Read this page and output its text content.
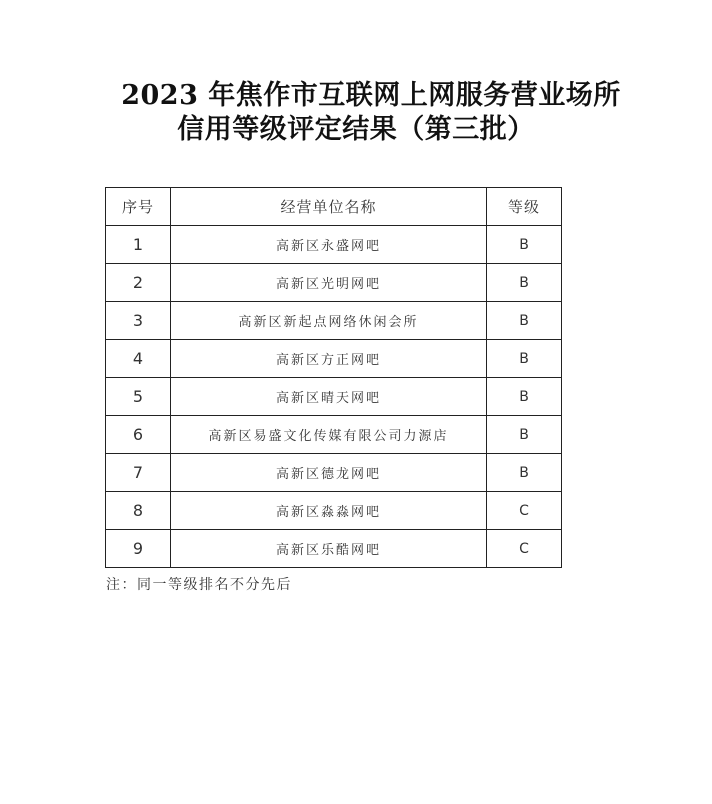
2023 年焦作市互联网上网服务营业场所
信用等级评定结果（第三批）
序号	经营单位名称	等级
1	高新区永盛网吧	B
2	高新区光明网吧	B
3	高新区新起点网络休闲会所	B
4	高新区方正网吧	B
5	高新区晴天网吧	B
6	高新区易盛文化传媒有限公司力源店	B
7	高新区德龙网吧	B
8	高新区淼淼网吧	C
9	高新区乐酷网吧	C
注：同一等级排名不分先后
